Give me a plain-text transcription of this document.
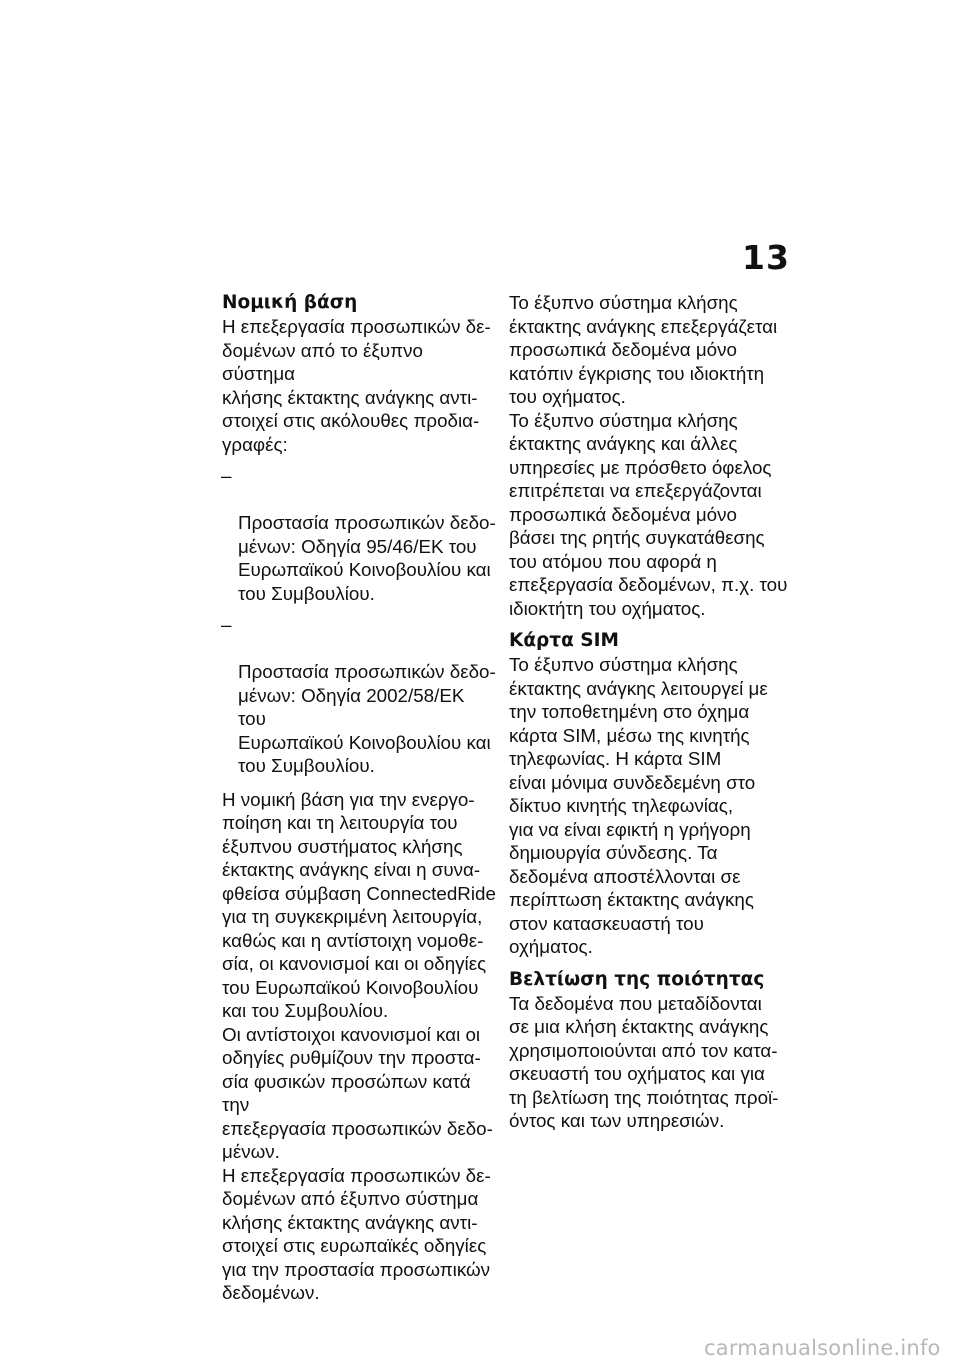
13
Νομική βάση

Η επεξεργασία προσωπικών δε-
δομένων από το έξυπνο σύστημα
κλήσης έκτακτης ανάγκης αντι-
στοιχεί στις ακόλουθες προδια-
γραφές:

–

Προστασία προσωπικών δεδο-
μένων: Οδηγία 95/46/ΕΚ του
Ευρωπαϊκού Κοινοβουλίου και
του Συμβουλίου.

–

Προστασία προσωπικών δεδο-
μένων: Οδηγία 2002/58/ΕΚ του
Ευρωπαϊκού Κοινοβουλίου και
του Συμβουλίου.

Η νομική βάση για την ενεργο-
ποίηση και τη λειτουργία του
έξυπνου συστήματος κλήσης
έκτακτης ανάγκης είναι η συνα-
φθείσα σύμβαση ConnectedRide
για τη συγκεκριμένη λειτουργία,
καθώς και η αντίστοιχη νομοθε-
σία, οι κανονισμοί και οι οδηγίες
του Ευρωπαϊκού Κοινοβουλίου
και του Συμβουλίου.

Οι αντίστοιχοι κανονισμοί και οι
οδηγίες ρυθμίζουν την προστα-
σία φυσικών προσώπων κατά την
επεξεργασία προσωπικών δεδο-
μένων.

Η επεξεργασία προσωπικών δε-
δομένων από έξυπνο σύστημα
κλήσης έκτακτης ανάγκης αντι-
στοιχεί στις ευρωπαϊκές οδηγίες
για την προστασία προσωπικών
δεδομένων.

Το έξυπνο σύστημα κλήσης
έκτακτης ανάγκης επεξεργάζεται
προσωπικά δεδομένα μόνο
κατόπιν έγκρισης του ιδιοκτήτη
του οχήματος.

Το έξυπνο σύστημα κλήσης
έκτακτης ανάγκης και άλλες
υπηρεσίες με πρόσθετο όφελος
επιτρέπεται να επεξεργάζονται
προσωπικά δεδομένα μόνο
βάσει της ρητής συγκατάθεσης
του ατόμου που αφορά η
επεξεργασία δεδομένων, π.χ. του
ιδιοκτήτη του οχήματος.

Κάρτα SIM

Το έξυπνο σύστημα κλήσης
έκτακτης ανάγκης λειτουργεί με
την τοποθετημένη στο όχημα
κάρτα SIM, μέσω της κινητής
τηλεφωνίας. Η κάρτα SIM
είναι μόνιμα συνδεδεμένη στο
δίκτυο κινητής τηλεφωνίας,
για να είναι εφικτή η γρήγορη
δημιουργία σύνδεσης. Τα
δεδομένα αποστέλλονται σε
περίπτωση έκτακτης ανάγκης
στον κατασκευαστή του
οχήματος.

Βελτίωση της ποιότητας

Τα δεδομένα που μεταδίδονται
σε μια κλήση έκτακτης ανάγκης
χρησιμοποιούνται από τον κατα-
σκευαστή του οχήματος και για
τη βελτίωση της ποιότητας προϊ-
όντος και των υπηρεσιών.

carmanualsonline.info
